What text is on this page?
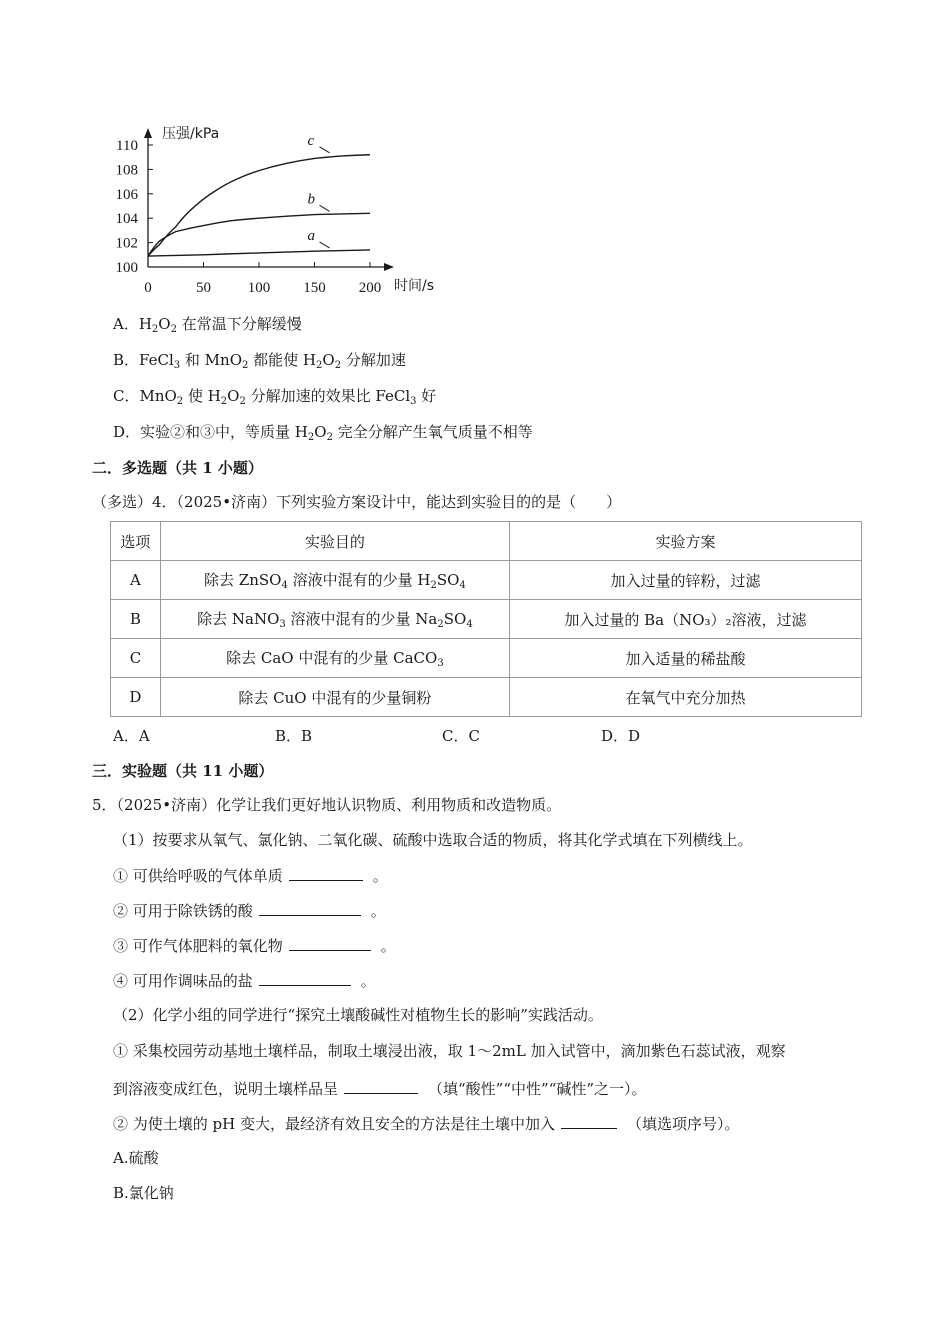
100
102
104
106
108
110
0	50 100 150 200
a
b
c
压强/kPa
时间/s
A．$H_2O_2$ 在常温下分解缓慢
B．FeCl$_3$ 和 MnO$_2$ 都能使 $H_2O_2$ 分解加速
C．MnO$_2$ 使 $H_2O_2$ 分解加速的效果比 FeCl$_3$ 好
D．实验②和③中，等质量 $H_2O_2$ 完全分解产生氧气质量不相等
二．多选题（共 1 小题）
（多选）4．（2025•济南）下列实验方案设计中，能达到实验目的的是（　　）
选项	实验目的	实验方案
A	除去 ZnSO$_4$ 溶液中混有的少量 $H_2SO_4$	加入过量的锌粉，过滤
B	除去 NaNO$_3$ 溶液中混有的少量 $Na_2SO_4$	加入过量的 Ba（NO₃）₂溶液，过滤
C	除去 CaO 中混有的少量 CaCO$_3$	加入适量的稀盐酸
D	除去 CuO 中混有的少量铜粉	在氧气中充分加热
A．A	B．B	C．C	D．D
三．实验题（共 11 小题）
5．（2025•济南）化学让我们更好地认识物质、利用物质和改造物质。
（1）按要求从氧气、氯化钠、二氧化碳、硫酸中选取合适的物质，将其化学式填在下列横线上。
① 可供给呼吸的气体单质	。
② 可用于除铁锈的酸	。
③ 可作气体肥料的氧化物	。
④ 可用作调味品的盐	。
（2）化学小组的同学进行“探究土壤酸碱性对植物生长的影响”实践活动。
① 采集校园劳动基地土壤样品，制取土壤浸出液，取 1～2mL 加入试管中，滴加紫色石蕊试液，观察
到溶液变成红色，说明土壤样品呈	（填“酸性”“中性”“碱性”之一）。
② 为使土壤的 pH 变大，最经济有效且安全的方法是往土壤中加入	（填选项序号）。
A.硫酸
B.氯化钠
